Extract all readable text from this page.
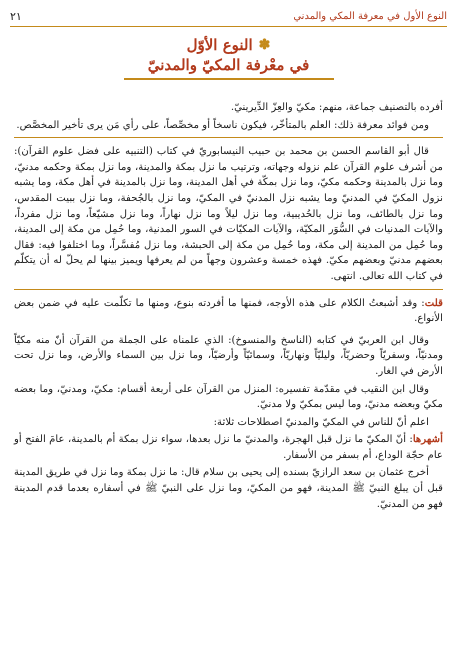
النوع الأول في معرفة المكي والمدني
٢١
✽
النوع الأوّل
في معْرفة المكيّ والمدنيّ

أفرده بالتصنيف جماعة، منهم: مكيّ والعِزّ الدِّيرينيّ.

ومن فوائد معرفة ذلك: العلم بالمتأخّر، فيكون ناسخاً أو مخصِّصاً، على رأي مَن يرى تأخير المخصَّص.

قال أبو القاسم الحسن بن محمد بن حبيب النيسابوريّ في كتاب (التنبيه على فضل علوم القرآن): من أشرف علوم القرآن علم نزوله وجهاته، وترتيب ما نزل بمكة والمدينة، وما نزل بمكة وحكمه مدنيّ، وما نزل بالمدينة وحكمه مكيّ، وما نزل بمكّة في أهل المدينة، وما نزل بالمدينة في أهل مكة، وما يشبه نزول المكيّ في المدنيّ وما يشبه نزل المدنيّ في المكيّ، وما نزل بالجُحفة، وما نزل ببيت المقدس، وما نزل بالطائف، وما نزل بالحُديبية، وما نزل ليلاً وما نزل نهاراً، وما نزل مشيّعاً، وما نزل مفرداً، والآيات المدنيات في السُّوَر المكيّة، والآيات المكيّات في السور المدنية، وما حُمِل من مكة إلى المدينة، وما حُمِل من المدينة إلى مكة، وما حُمِل من مكة إلى الحبشة، وما نزل مُفسَّراً، وما اختلفوا فيه: فقال بعضهم مدنيّ وبعضهم مكيّ. فهذه خمسة وعشرون وجهاً من لم يعرفها ويميز بينها لم يحلّ له أن يتكلّم في كتاب الله تعالى. انتهى.

قلت: وقد أشبعتُ الكلام على هذه الأوجه، فمنها ما أفردته بنوع، ومنها ما تكلّمت عليه في ضمن بعض الأنواع.

وقال ابن العربيّ في كتابه (الناسخ والمنسوخ): الذي علمناه على الجملة من القرآن أنّ منه مكيّاً ومدنيّاً، وسفريّاً وحضريّاً، وليليّاً ونهاريّاً، وسمائيّاً وأرضيّاً، وما نزل بين السماء والأرض، وما نزل تحت الأرض في الغار.

وقال ابن النقيب في مقدّمة تفسيره: المنزل من القرآن على أربعة أقسام: مكيّ، ومدنيّ، وما بعضه مكيّ وبعضه مدنيّ، وما ليس بمكيّ ولا مدنيّ.

اعلم أنّ للناس في المكيّ والمدنيّ اصطلاحات ثلاثة:

أشهرها: أنّ المكيّ ما نزل قبل الهجرة، والمدنيّ ما نزل بعدها، سواء نزل بمكة أم بالمدينة، عامَ الفتح أو عام حجّة الوداع، أم بسفر من الأسفار.

أخرج عثمان بن سعد الرازيّ بسنده إلى يحيى بن سلام قال: ما نزل بمكة وما نزل في طريق المدينة قبل أن يبلغ النبيّ ﷺ المدينة، فهو من المكيّ، وما نزل على النبيّ ﷺ في أسفاره بعدما قدم المدينة فهو من المدنيّ.
